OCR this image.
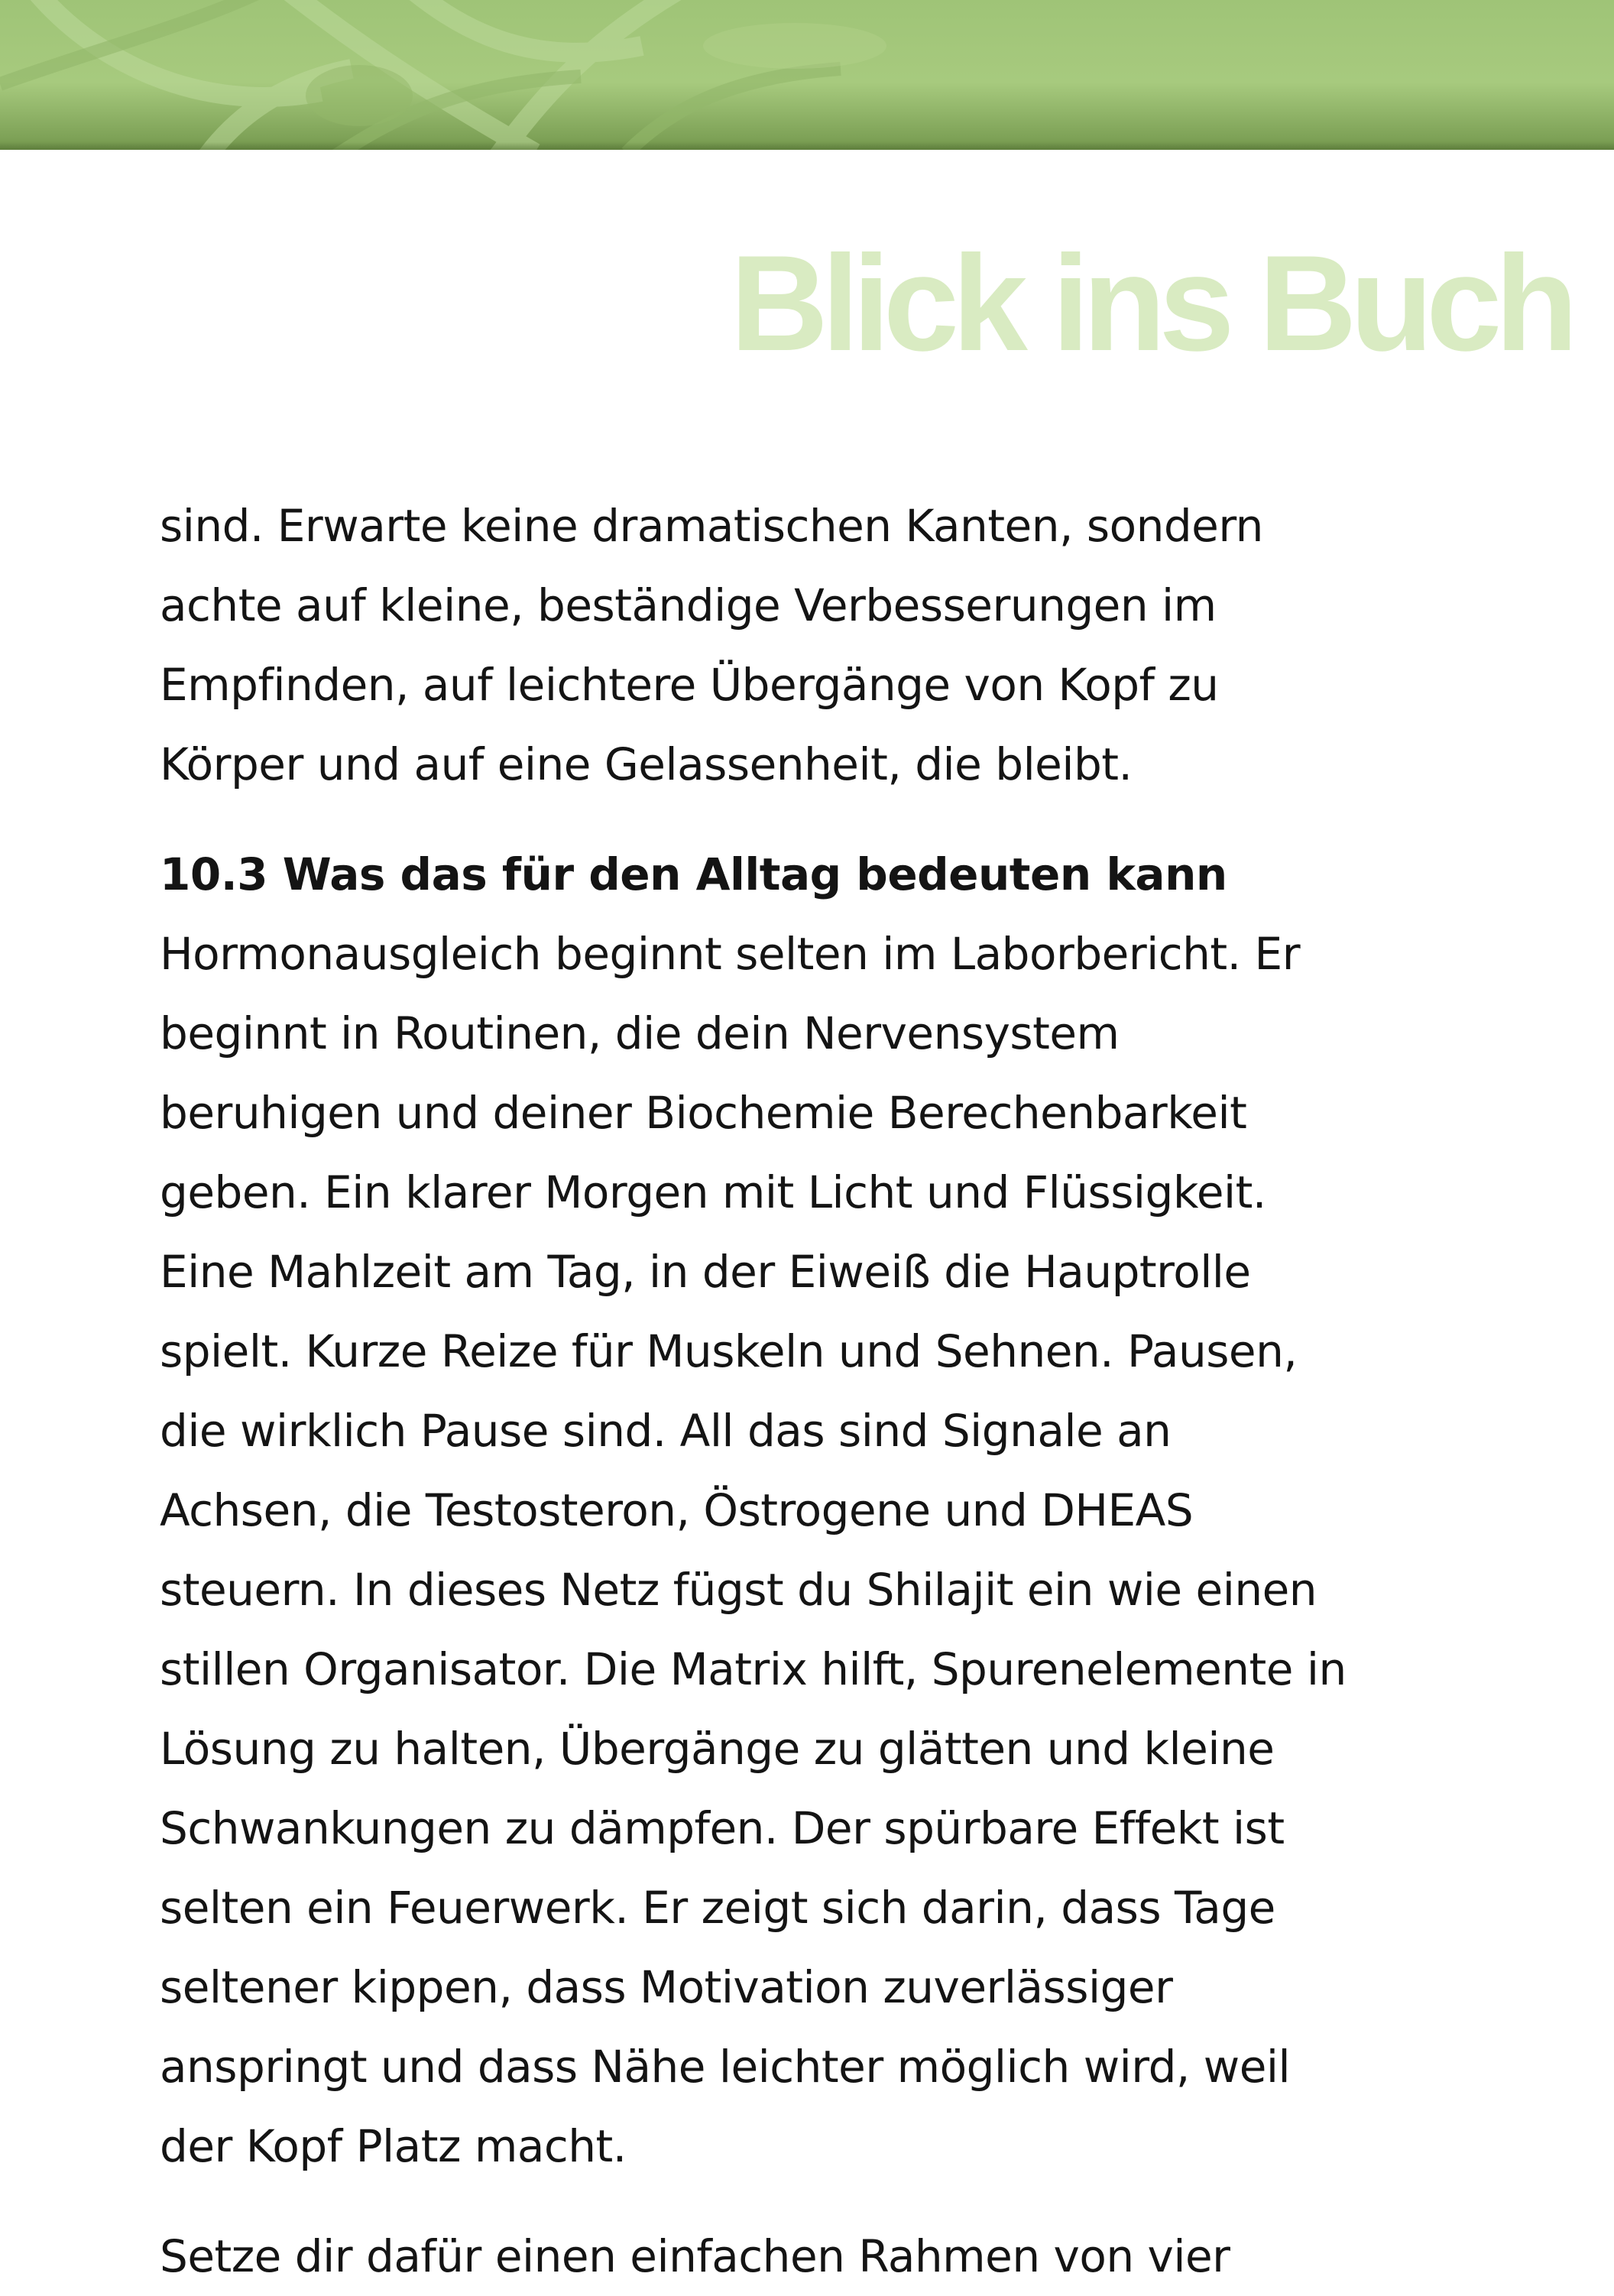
Blick ins Buch

sind. Erwarte keine dramatischen Kanten, sondern
achte auf kleine, beständige Verbesserungen im
Empfinden, auf leichtere Übergänge von Kopf zu
Körper und auf eine Gelassenheit, die bleibt.

10.3 Was das für den Alltag bedeuten kann
Hormonausgleich beginnt selten im Laborbericht. Er
beginnt in Routinen, die dein Nervensystem
beruhigen und deiner Biochemie Berechenbarkeit
geben. Ein klarer Morgen mit Licht und Flüssigkeit.
Eine Mahlzeit am Tag, in der Eiweiß die Hauptrolle
spielt. Kurze Reize für Muskeln und Sehnen. Pausen,
die wirklich Pause sind. All das sind Signale an
Achsen, die Testosteron, Östrogene und DHEAS
steuern. In dieses Netz fügst du Shilajit ein wie einen
stillen Organisator. Die Matrix hilft, Spurenelemente in
Lösung zu halten, Übergänge zu glätten und kleine
Schwankungen zu dämpfen. Der spürbare Effekt ist
selten ein Feuerwerk. Er zeigt sich darin, dass Tage
seltener kippen, dass Motivation zuverlässiger
anspringt und dass Nähe leichter möglich wird, weil
der Kopf Platz macht.

Setze dir dafür einen einfachen Rahmen von vier
